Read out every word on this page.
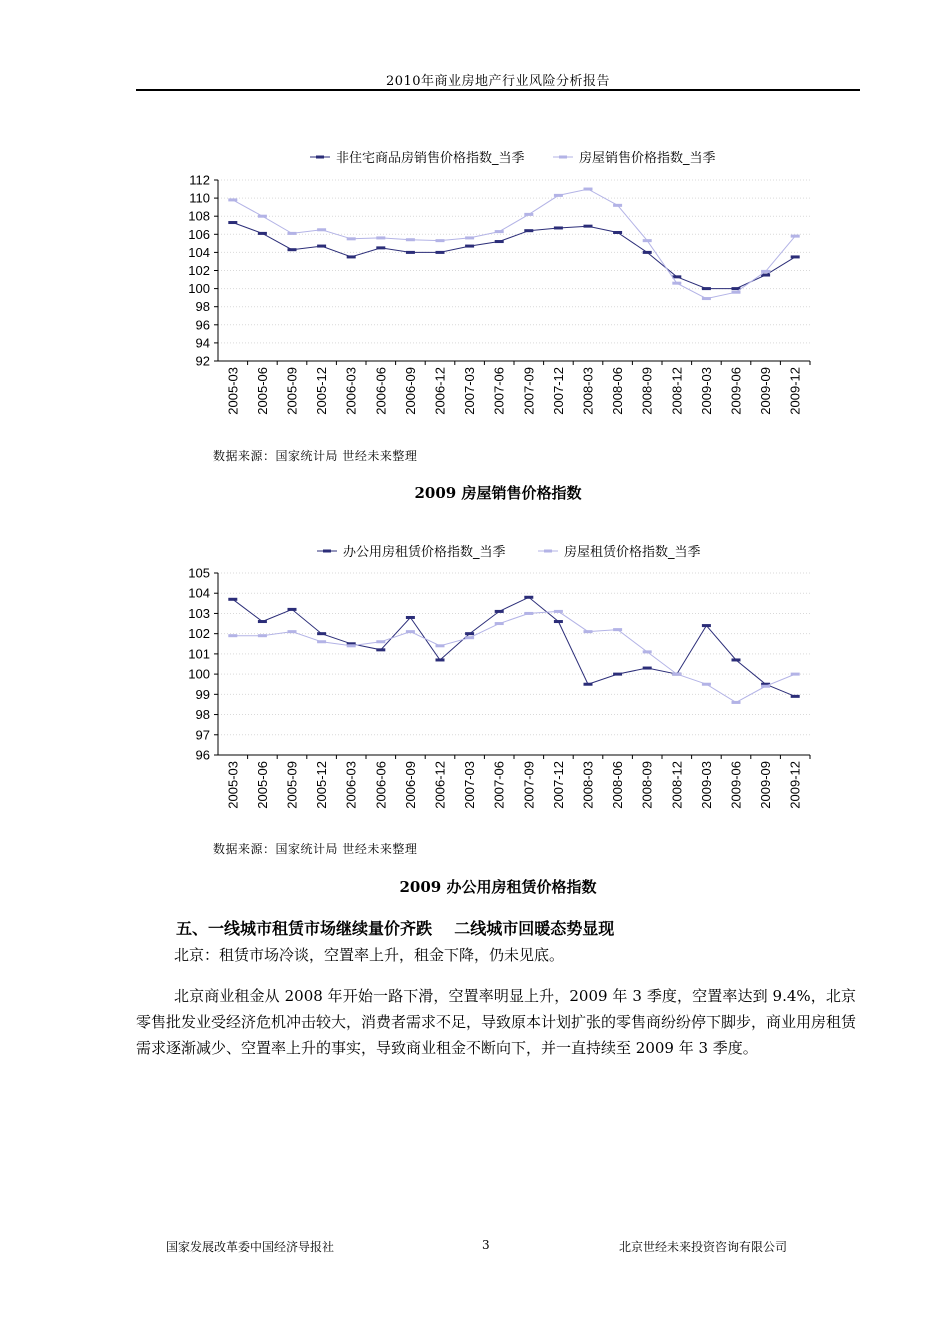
2010年商业房地产行业风险分析报告
非住宅商品房销售价格指数_当季	房屋销售价格指数_当季
92
94
96
98
100
102
104
106
108
110
112
2005-03 2005-06 2005-09 2005-12 2006-03 2006-06 2006-09 2006-12 2007-03 2007-06 2007-09 2007-12 2008-03 2008-06 2008-09 2008-12 2009-03 2009-06 2009-09 2009-12
数据来源：国家统计局 世经未来整理
2009 房屋销售价格指数
办公用房租赁价格指数_当季	房屋租赁价格指数_当季
96
97
98
99
100
101
102
103
104
105
2005-03 2005-06 2005-09 2005-12 2006-03 2006-06 2006-09 2006-12 2007-03 2007-06 2007-09 2007-12 2008-03 2008-06 2008-09 2008-12 2009-03 2009-06 2009-09 2009-12
数据来源：国家统计局 世经未来整理
2009 办公用房租赁价格指数
五、一线城市租赁市场继续量价齐跌    二线城市回暖态势显现
北京：租赁市场冷谈，空置率上升，租金下降，仍未见底。
北京商业租金从 2008 年开始一路下滑，空置率明显上升，2009 年 3 季度，空置率达到 9.4%，北京零售批发业受经济危机冲击较大，消费者需求不足，导致原本计划扩张的零售商纷纷停下脚步，商业用房租赁需求逐渐减少、空置率上升的事实，导致商业租金不断向下，并一直持续至 2009 年 3 季度。
国家发展改革委中国经济导报社	3	北京世经未来投资咨询有限公司
